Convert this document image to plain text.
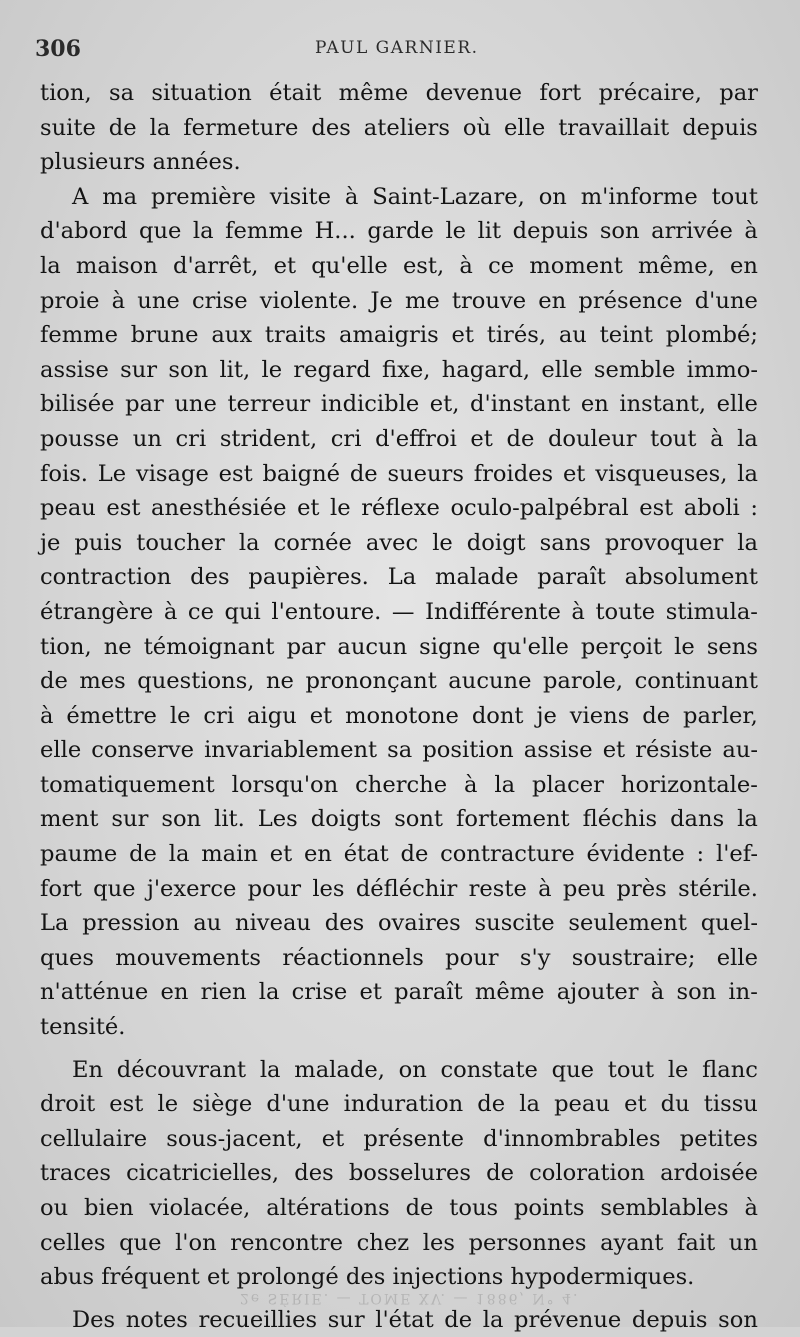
306	PAUL GARNIER.
tion, sa situation était même devenue fort précaire, par
suite de la fermeture des ateliers où elle travaillait depuis
plusieurs années.
A ma première visite à Saint-Lazare, on m'informe tout
d'abord que la femme H... garde le lit depuis son arrivée à
la maison d'arrêt, et qu'elle est, à ce moment même, en
proie à une crise violente. Je me trouve en présence d'une
femme brune aux traits amaigris et tirés, au teint plombé;
assise sur son lit, le regard fixe, hagard, elle semble immo-
bilisée par une terreur indicible et, d'instant en instant, elle
pousse un cri strident, cri d'effroi et de douleur tout à la
fois. Le visage est baigné de sueurs froides et visqueuses, la
peau est anesthésiée et le réflexe oculo-palpébral est aboli :
je puis toucher la cornée avec le doigt sans provoquer la
contraction des paupières. La malade paraît absolument
étrangère à ce qui l'entoure. — Indifférente à toute stimula-
tion, ne témoignant par aucun signe qu'elle perçoit le sens
de mes questions, ne prononçant aucune parole, continuant
à émettre le cri aigu et monotone dont je viens de parler,
elle conserve invariablement sa position assise et résiste au-
tomatiquement lorsqu'on cherche à la placer horizontale-
ment sur son lit. Les doigts sont fortement fléchis dans la
paume de la main et en état de contracture évidente : l'ef-
fort que j'exerce pour les défléchir reste à peu près stérile.
La pression au niveau des ovaires suscite seulement quel-
ques mouvements réactionnels pour s'y soustraire; elle
n'atténue en rien la crise et paraît même ajouter à son in-
tensité.
En découvrant la malade, on constate que tout le flanc
droit est le siège d'une induration de la peau et du tissu
cellulaire sous-jacent, et présente d'innombrables petites
traces cicatricielles, des bosselures de coloration ardoisée
ou bien violacée, altérations de tous points semblables à
celles que l'on rencontre chez les personnes ayant fait un
abus fréquent et prolongé des injections hypodermiques.
Des notes recueillies sur l'état de la prévenue depuis son
2e SÉRIE. — TOME XV. — 1886, N° 4.
